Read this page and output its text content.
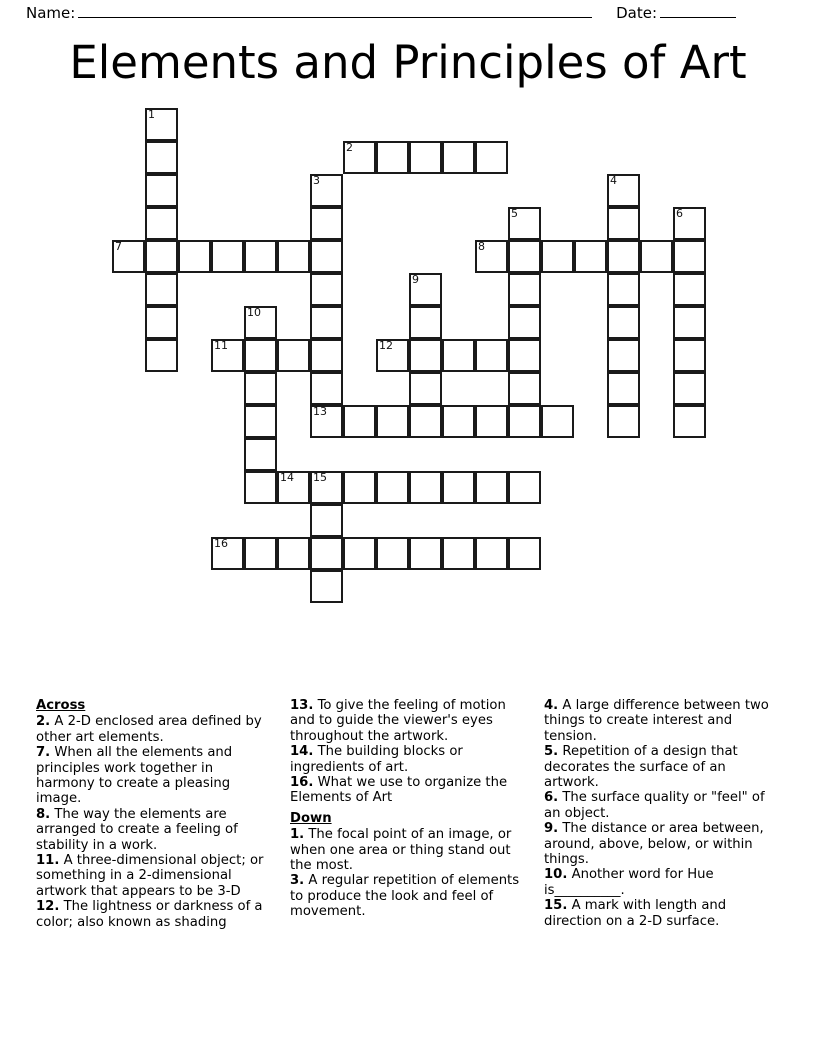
Name:	Date:
Elements and Principles of Art
1
2
3	4
5	6
7	8
9
10
11	12
13
14 15
16
Across
2. A 2-D enclosed area defined by other art elements.
7. When all the elements and principles work together in harmony to create a pleasing image.
8. The way the elements are arranged to create a feeling of stability in a work.
11. A three-dimensional object; or something in a 2-dimensional artwork that appears to be 3-D
12. The lightness or darkness of a color; also known as shading
13. To give the feeling of motion and to guide the viewer's eyes throughout the artwork.
14. The building blocks or ingredients of art.
16. What we use to organize the Elements of Art
Down
1. The focal point of an image, or when one area or thing stand out the most.
3. A regular repetition of elements to produce the look and feel of movement.
4. A large difference between two things to create interest and tension.
5. Repetition of a design that decorates the surface of an artwork.
6. The surface quality or "feel" of an object.
9. The distance or area between, around, above, below, or within things.
10. Another word for Hue is__________.
15. A mark with length and direction on a 2-D surface.
